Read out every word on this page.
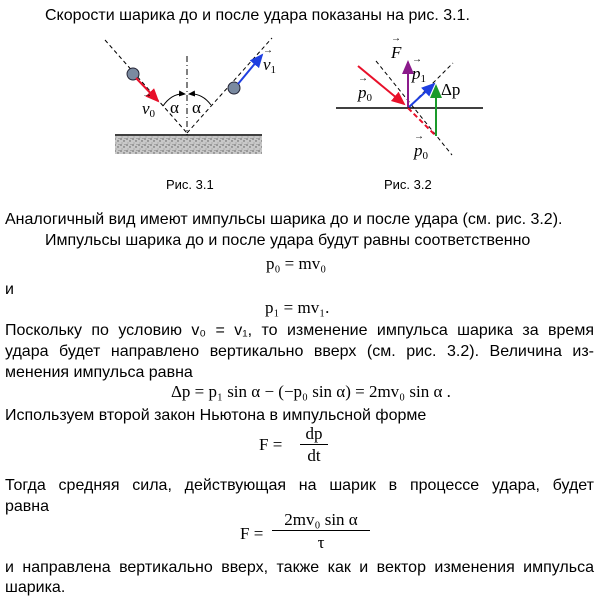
Скорости шарика до и после удара показаны на рис. 3.1.
→ $v_0$
→ $v_1$
α α
Рис. 3.1
→ F
→ $p_1$
→ $p_0$	Δp
→ $p_0$
Рис. 3.2
Аналогичный вид имеют импульсы шарика до и после удара (см. рис. 3.2).
Импульсы шарика до и после удара будут равны соответственно
p₀ = mv₀
и
p₁ = mv₁.
Поскольку по условию v₀ = v₁, то изменение импульса шарика за время
удара будет направлено вертикально вверх (см. рис. 3.2). Величина из-
менения импульса равна
Δp = p₁ sin α − (−p₀ sin α) = 2mv₀ sin α .
Используем второй закон Ньютона в импульсной форме
F =
dp
dt
Тогда средняя сила, действующая на шарик в процессе удара, будет
равна
F =
2mv₀ sin α
τ
и направлена вертикально вверх, также как и вектор изменения импульса
шарика.
